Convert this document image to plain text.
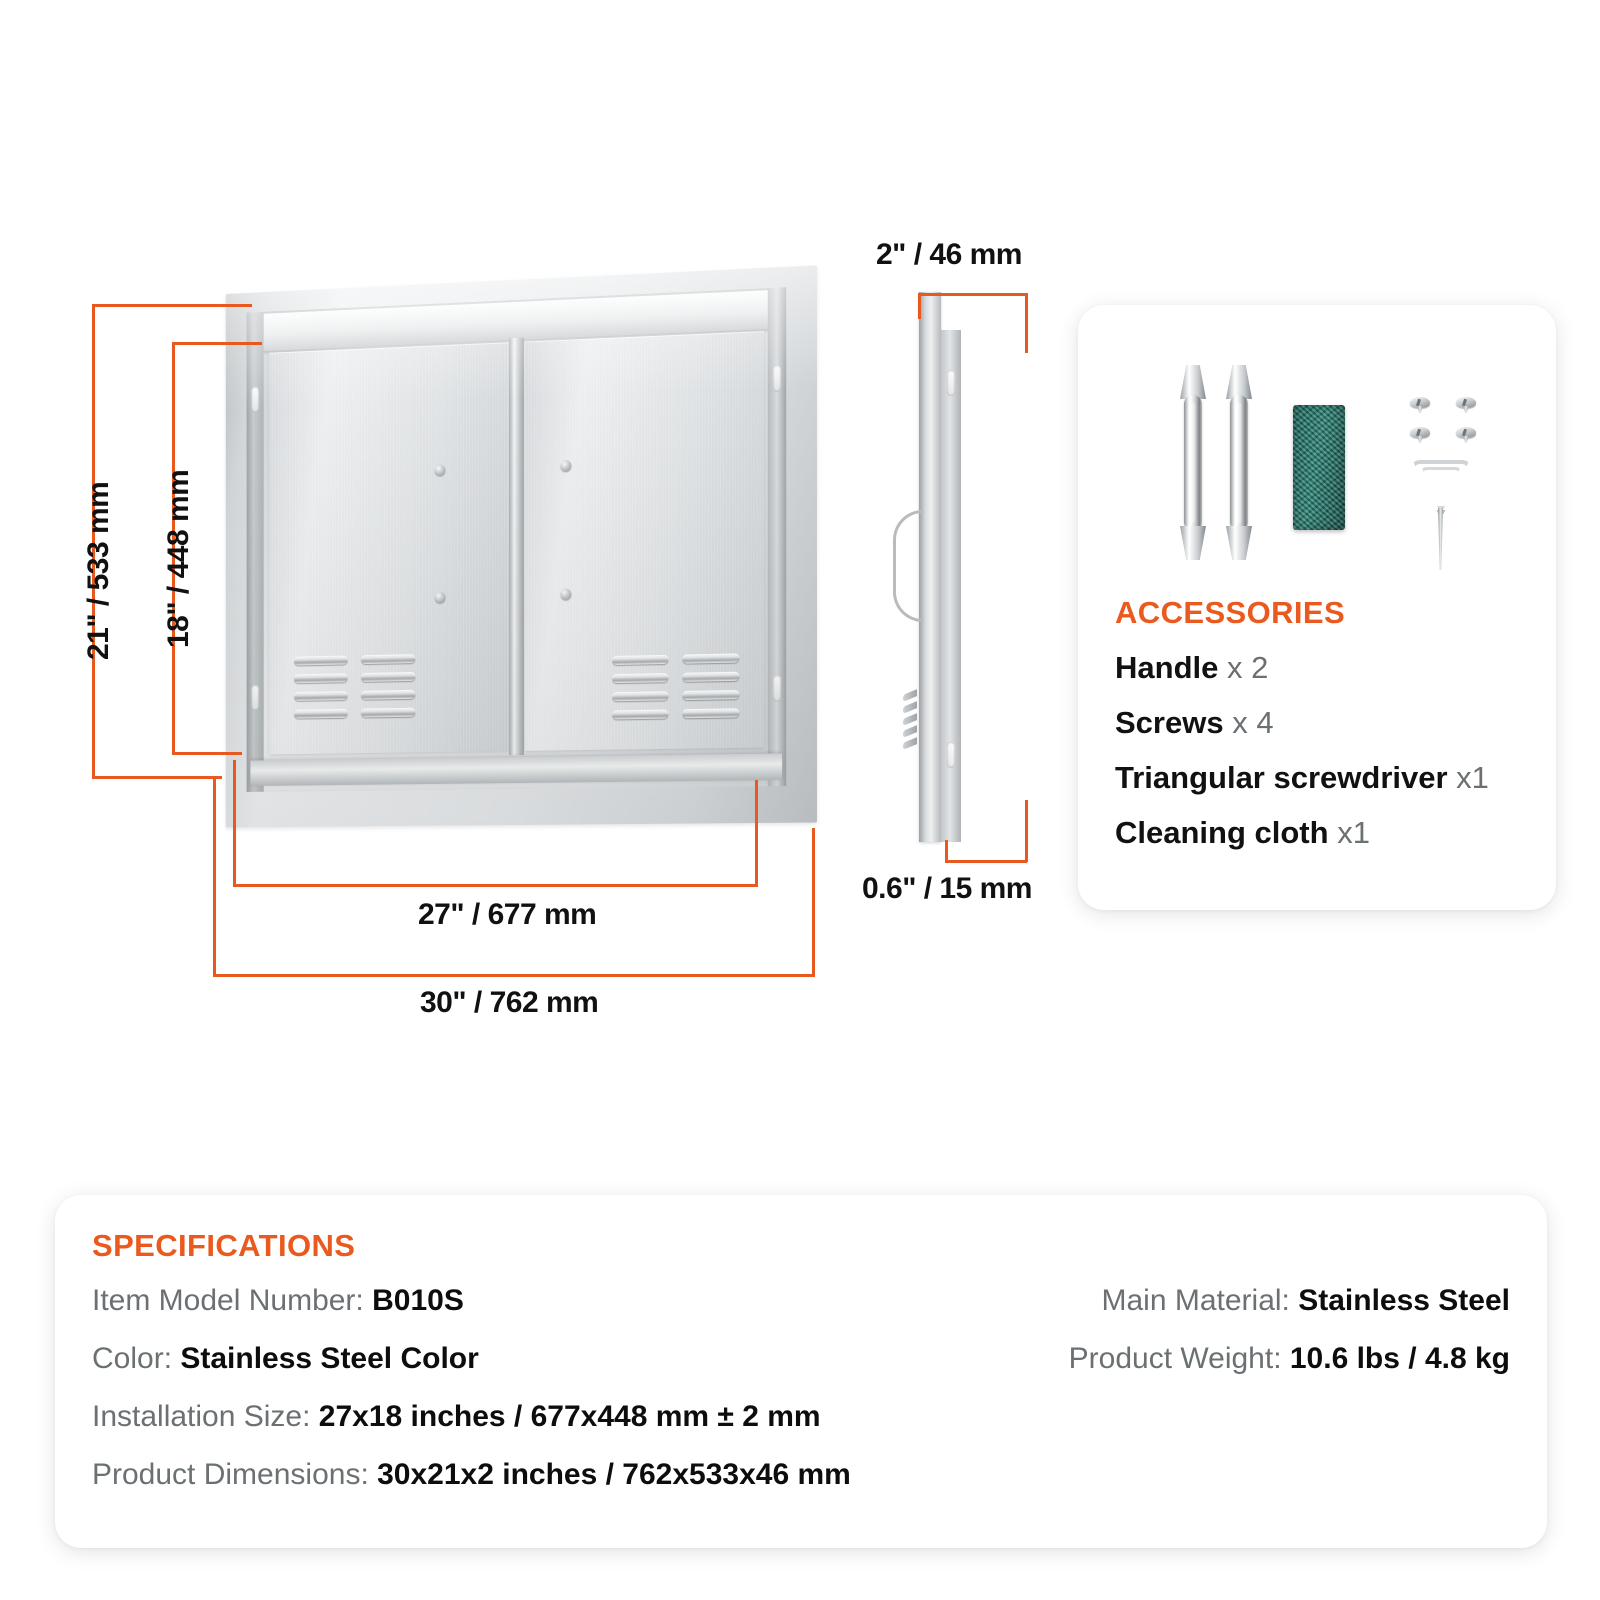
21" / 533 mm 18" / 448 mm
27" / 677 mm
30" / 762 mm
2" / 46 mm
0.6" / 15 mm
ACCESSORIES
Handle x 2
Screws x 4
Triangular screwdriver x1
Cleaning cloth x1
SPECIFICATIONS
Item Model Number: B010S
Color: Stainless Steel Color
Installation Size: 27x18 inches / 677x448 mm ± 2 mm
Product Dimensions: 30x21x2 inches / 762x533x46 mm
Main Material: Stainless Steel
Product Weight: 10.6 lbs / 4.8 kg
